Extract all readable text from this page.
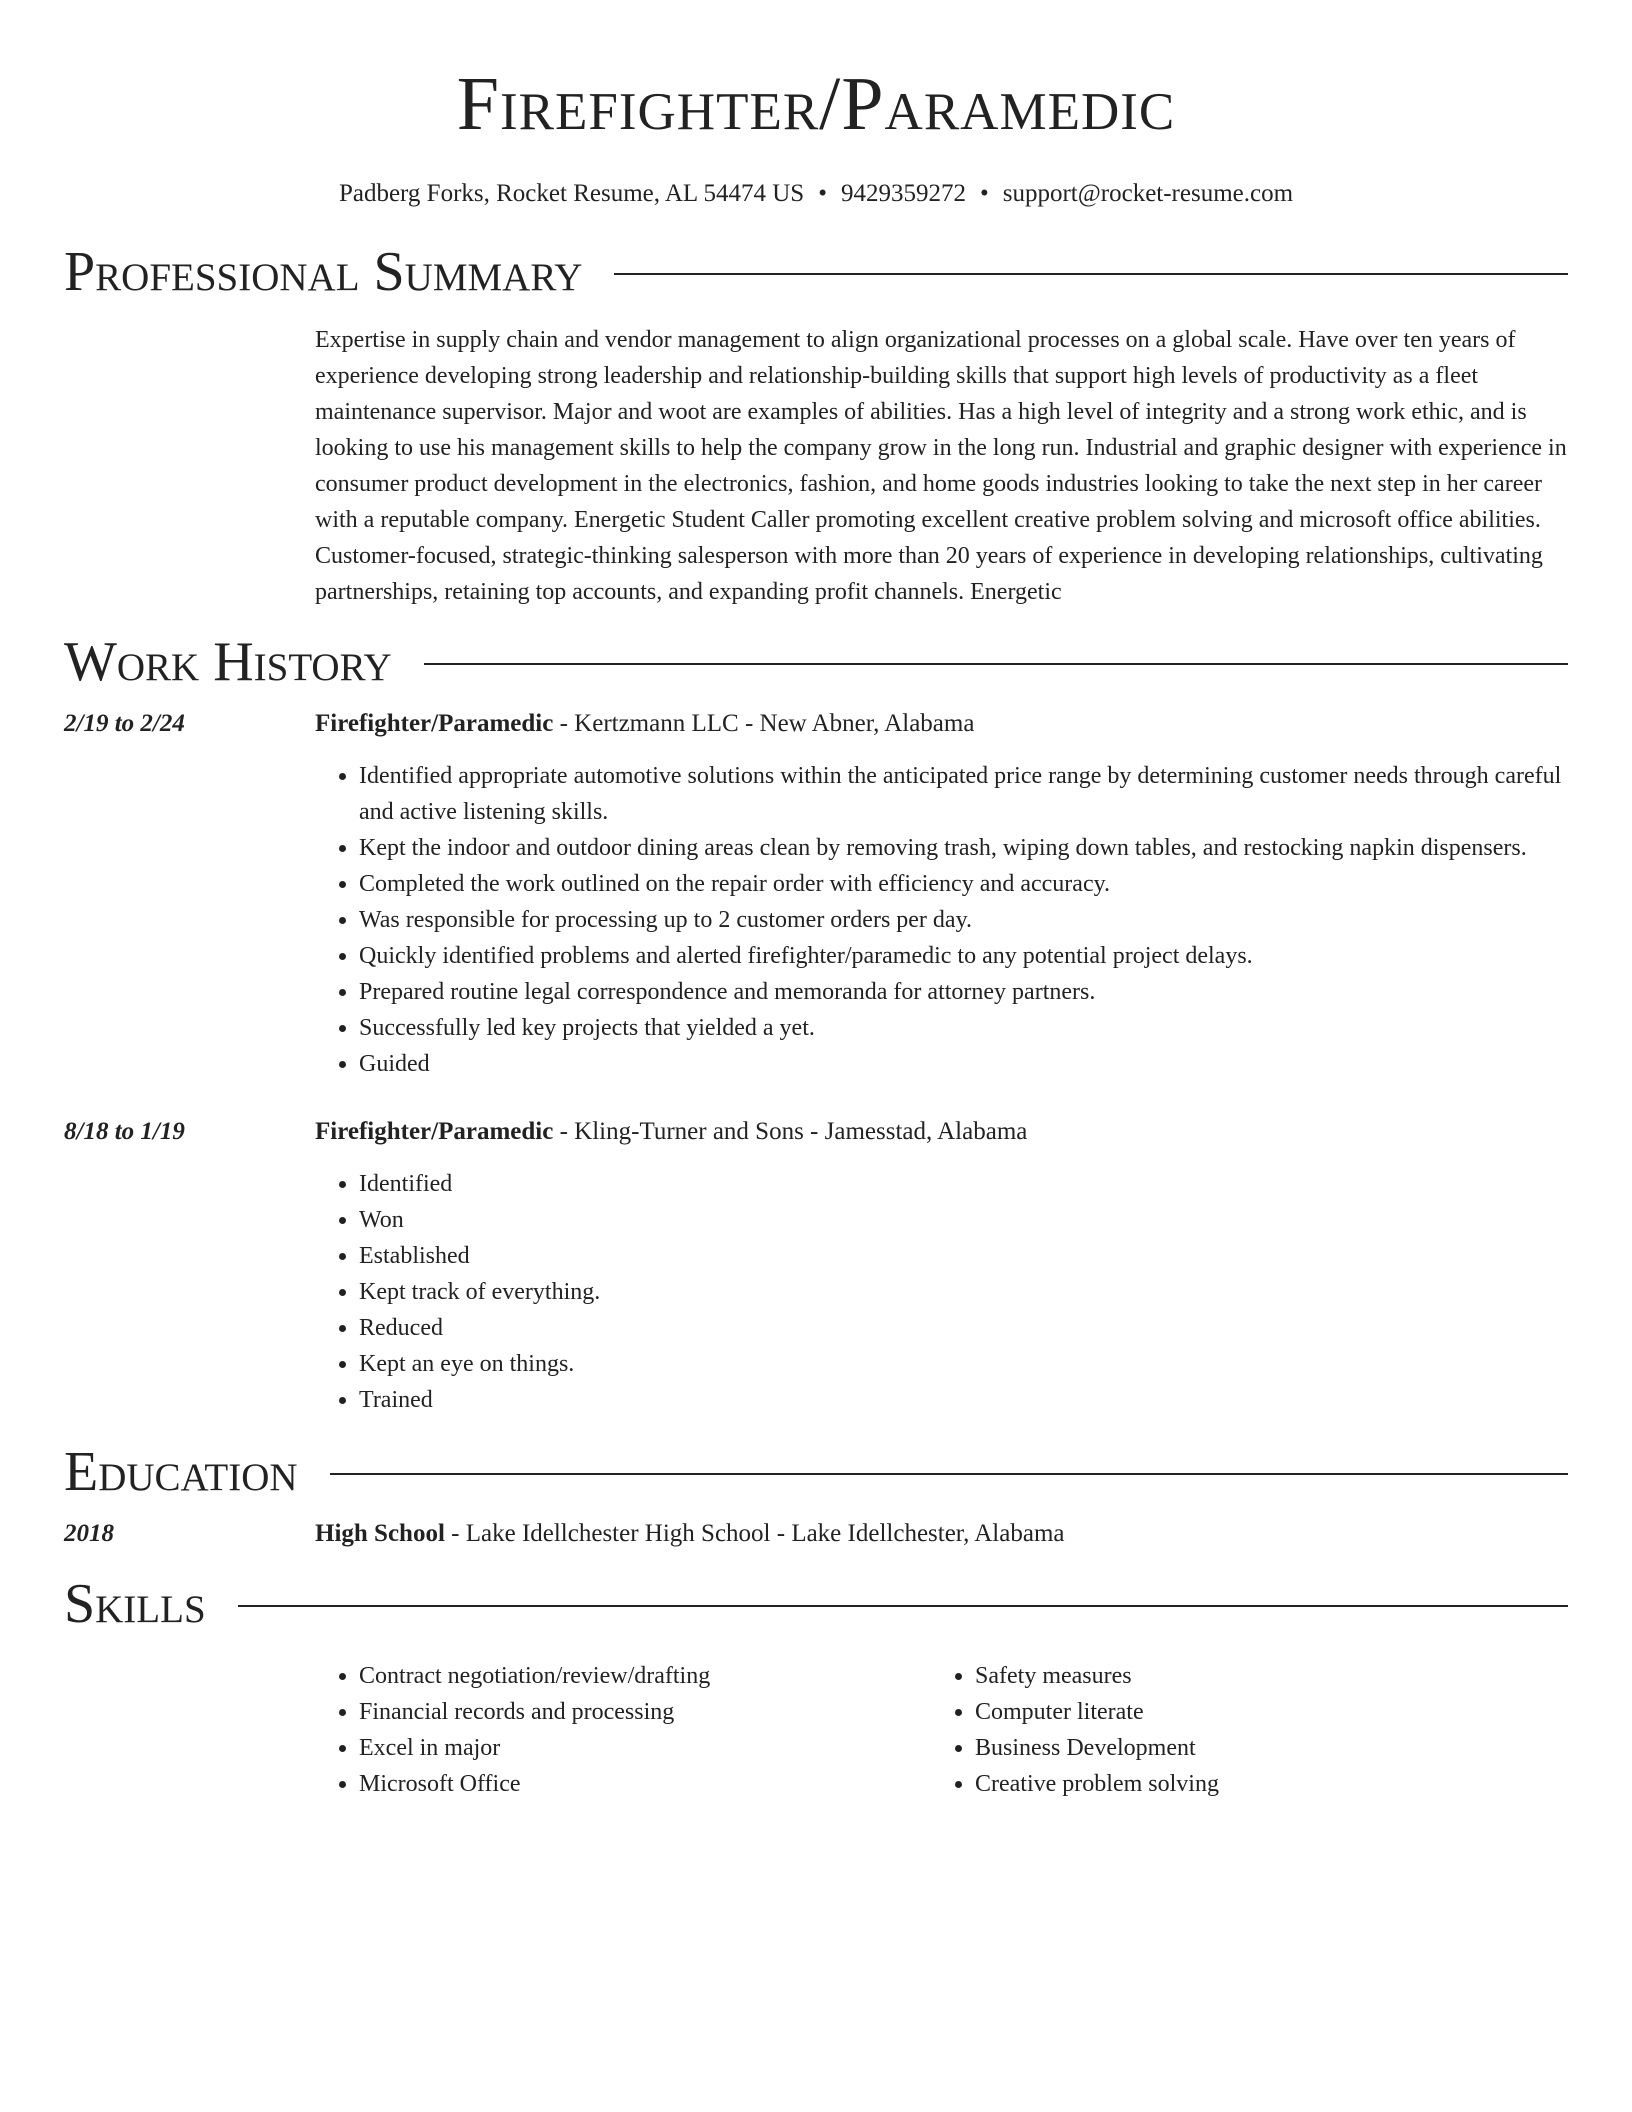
Firefighter/Paramedic
Padberg Forks, Rocket Resume, AL 54474 US • 9429359272 • support@rocket-resume.com
Professional Summary

Expertise in supply chain and vendor management to align organizational processes on a global scale. Have over ten years of experience developing strong leadership and relationship-building skills that support high levels of productivity as a fleet maintenance supervisor. Major and woot are examples of abilities. Has a high level of integrity and a strong work ethic, and is looking to use his management skills to help the company grow in the long run. Industrial and graphic designer with experience in consumer product development in the electronics, fashion, and home goods industries looking to take the next step in her career with a reputable company. Energetic Student Caller promoting excellent creative problem solving and microsoft office abilities. Customer-focused, strategic-thinking salesperson with more than 20 years of experience in developing relationships, cultivating partnerships, retaining top accounts, and expanding profit channels. Energetic

Work History
2/19 to 2/24	Firefighter/Paramedic - Kertzmann LLC - New Abner, Alabama
• Identified appropriate automotive solutions within the anticipated price range by determining customer needs through careful and active listening skills.
• Kept the indoor and outdoor dining areas clean by removing trash, wiping down tables, and restocking napkin dispensers.
• Completed the work outlined on the repair order with efficiency and accuracy.
• Was responsible for processing up to 2 customer orders per day.
• Quickly identified problems and alerted firefighter/paramedic to any potential project delays.
• Prepared routine legal correspondence and memoranda for attorney partners.
• Successfully led key projects that yielded a yet.
• Guided
8/18 to 1/19	Firefighter/Paramedic - Kling-Turner and Sons - Jamesstad, Alabama
• Identified
• Won
• Established
• Kept track of everything.
• Reduced
• Kept an eye on things.
• Trained
Education
2018	High School - Lake Idellchester High School - Lake Idellchester, Alabama
Skills
• Contract negotiation/review/drafting
• Financial records and processing
• Excel in major
• Microsoft Office
• Safety measures
• Computer literate
• Business Development
• Creative problem solving
